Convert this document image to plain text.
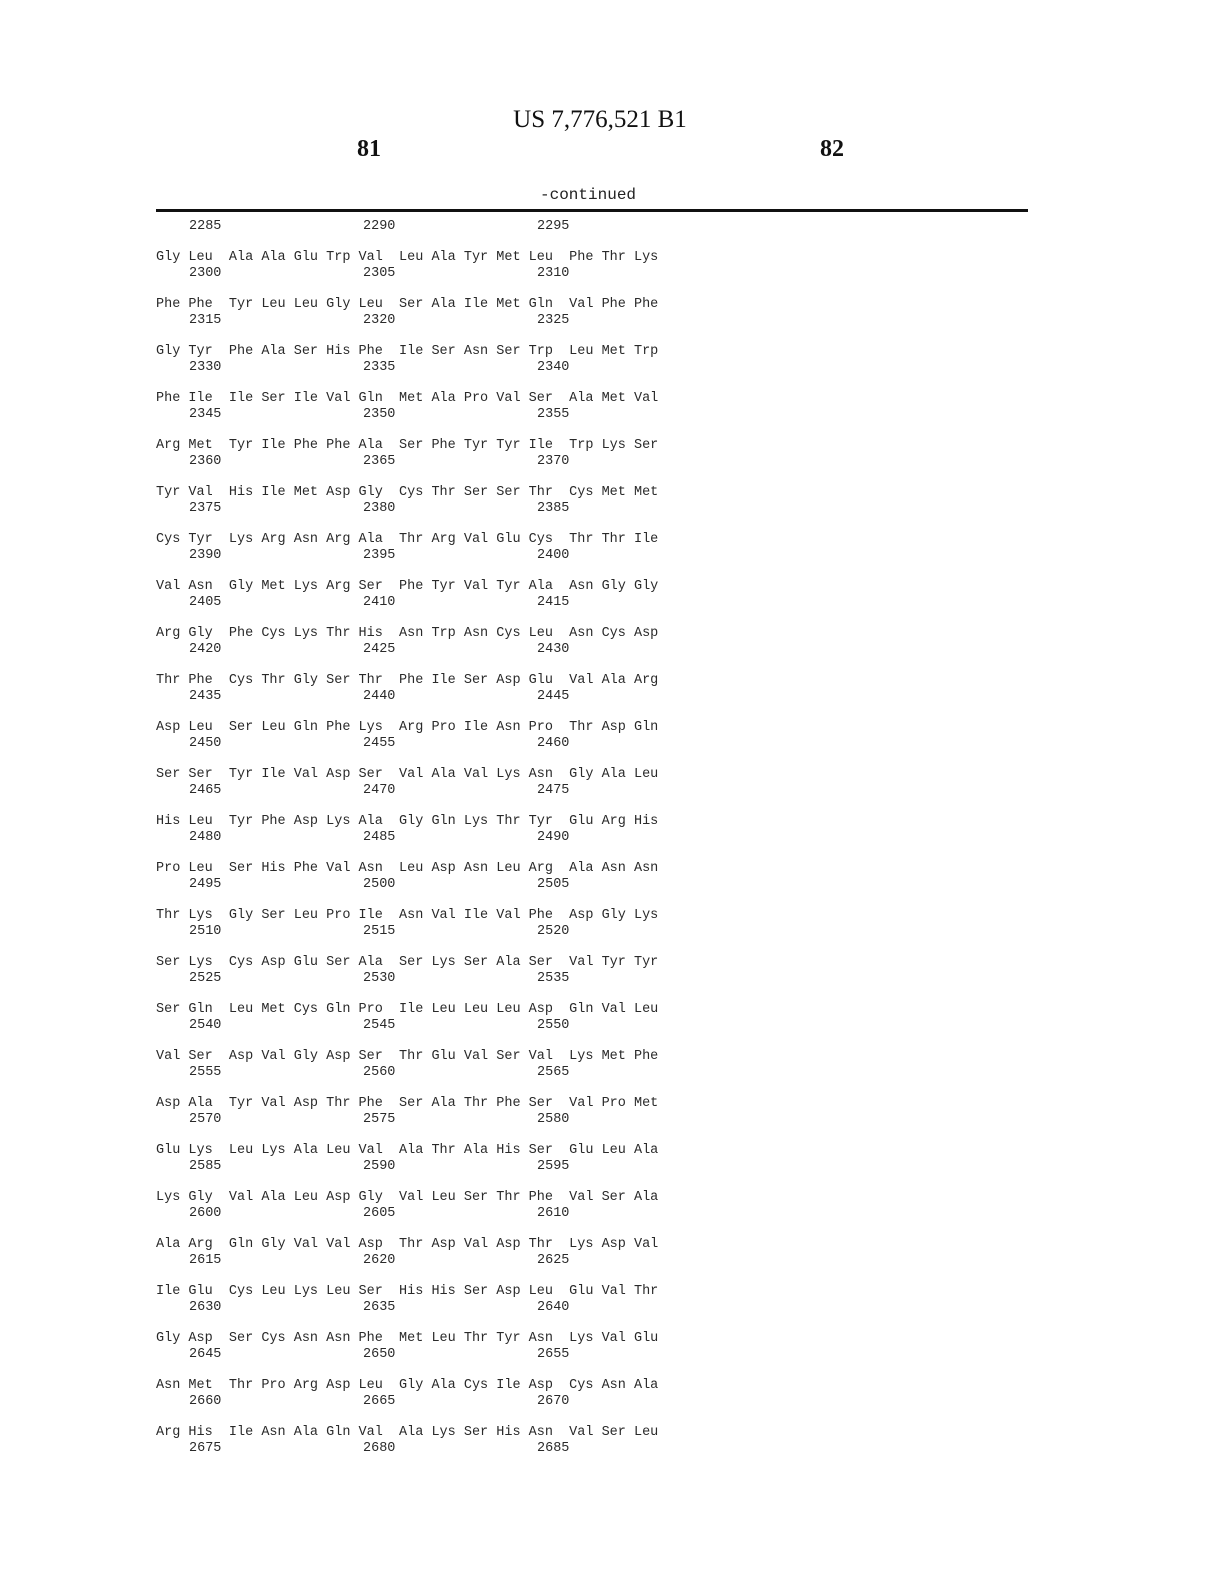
US 7,776,521 B1
81	82
-continued
2285	2290	2295
Gly Leu  Ala Ala Glu Trp Val  Leu Ala Tyr Met Leu  Phe Thr Lys
2300	2305	2310
Phe Phe  Tyr Leu Leu Gly Leu  Ser Ala Ile Met Gln  Val Phe Phe
2315	2320	2325
Gly Tyr  Phe Ala Ser His Phe  Ile Ser Asn Ser Trp  Leu Met Trp
2330	2335	2340
Phe Ile  Ile Ser Ile Val Gln  Met Ala Pro Val Ser  Ala Met Val
2345	2350	2355
Arg Met  Tyr Ile Phe Phe Ala  Ser Phe Tyr Tyr Ile  Trp Lys Ser
2360	2365	2370
Tyr Val  His Ile Met Asp Gly  Cys Thr Ser Ser Thr  Cys Met Met
2375	2380	2385
Cys Tyr  Lys Arg Asn Arg Ala  Thr Arg Val Glu Cys  Thr Thr Ile
2390	2395	2400
Val Asn  Gly Met Lys Arg Ser  Phe Tyr Val Tyr Ala  Asn Gly Gly
2405	2410	2415
Arg Gly  Phe Cys Lys Thr His  Asn Trp Asn Cys Leu  Asn Cys Asp
2420	2425	2430
Thr Phe  Cys Thr Gly Ser Thr  Phe Ile Ser Asp Glu  Val Ala Arg
2435	2440	2445
Asp Leu  Ser Leu Gln Phe Lys  Arg Pro Ile Asn Pro  Thr Asp Gln
2450	2455	2460
Ser Ser  Tyr Ile Val Asp Ser  Val Ala Val Lys Asn  Gly Ala Leu
2465	2470	2475
His Leu  Tyr Phe Asp Lys Ala  Gly Gln Lys Thr Tyr  Glu Arg His
2480	2485	2490
Pro Leu  Ser His Phe Val Asn  Leu Asp Asn Leu Arg  Ala Asn Asn
2495	2500	2505
Thr Lys  Gly Ser Leu Pro Ile  Asn Val Ile Val Phe  Asp Gly Lys
2510	2515	2520
Ser Lys  Cys Asp Glu Ser Ala  Ser Lys Ser Ala Ser  Val Tyr Tyr
2525	2530	2535
Ser Gln  Leu Met Cys Gln Pro  Ile Leu Leu Leu Asp  Gln Val Leu
2540	2545	2550
Val Ser  Asp Val Gly Asp Ser  Thr Glu Val Ser Val  Lys Met Phe
2555	2560	2565
Asp Ala  Tyr Val Asp Thr Phe  Ser Ala Thr Phe Ser  Val Pro Met
2570	2575	2580
Glu Lys  Leu Lys Ala Leu Val  Ala Thr Ala His Ser  Glu Leu Ala
2585	2590	2595
Lys Gly  Val Ala Leu Asp Gly  Val Leu Ser Thr Phe  Val Ser Ala
2600	2605	2610
Ala Arg  Gln Gly Val Val Asp  Thr Asp Val Asp Thr  Lys Asp Val
2615	2620	2625
Ile Glu  Cys Leu Lys Leu Ser  His His Ser Asp Leu  Glu Val Thr
2630	2635	2640
Gly Asp  Ser Cys Asn Asn Phe  Met Leu Thr Tyr Asn  Lys Val Glu
2645	2650	2655
Asn Met  Thr Pro Arg Asp Leu  Gly Ala Cys Ile Asp  Cys Asn Ala
2660	2665	2670
Arg His  Ile Asn Ala Gln Val  Ala Lys Ser His Asn  Val Ser Leu
2675	2680	2685
